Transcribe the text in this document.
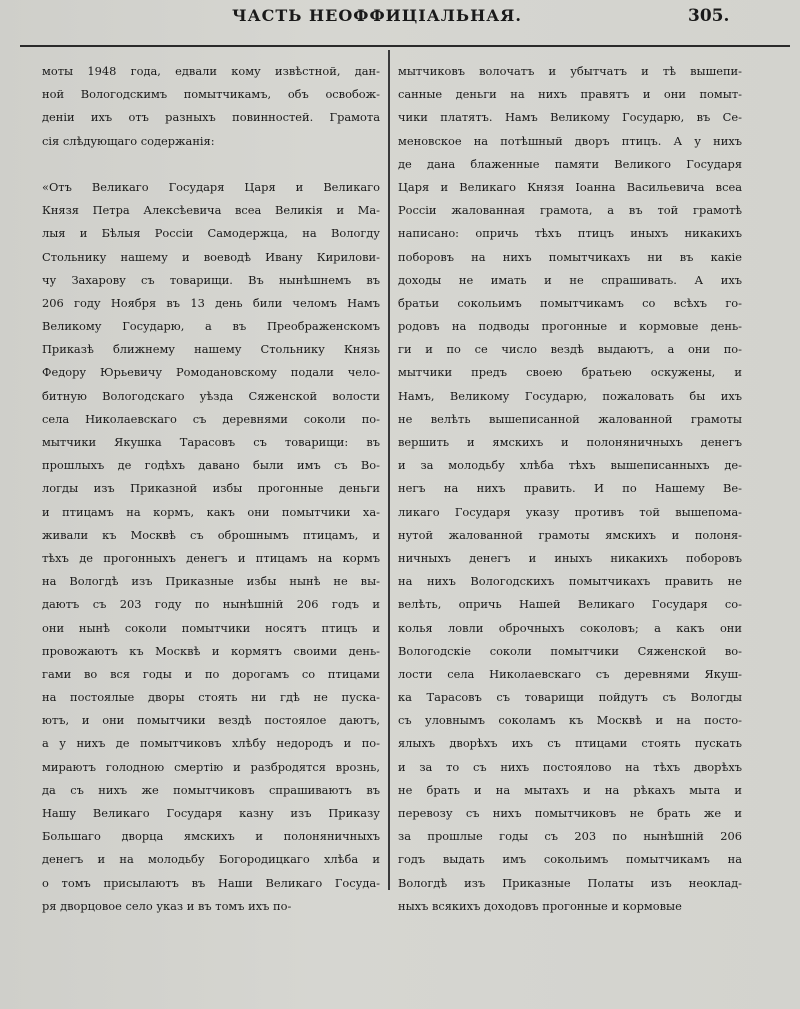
ЧАСТЬ НЕОФФИЦІАЛЬНАЯ.	305.
моты 1948 года, едвали кому извѣстной, дан-
ной Вологодскимъ помытчикамъ, объ освобож-
деніи ихъ отъ разныхъ повинностей. Грамота
сія слѣдующаго содержанія:
«Отъ Великаго Государя Царя и Великаго
Князя Петра Алексѣевича всеа Великія и Ма-
лыя и Бѣлыя Россіи Самодержца, на Вологду
Стольнику нашему и воеводѣ Ивану Кирилови-
чу Захарову съ товарищи. Въ нынѣшнемъ въ
206 году Ноября въ 13 день били челомъ Намъ
Великому Государю, а въ Преображенскомъ
Приказѣ ближнему нашему Стольнику Князь
Федору Юрьевичу Ромодановскому подали чело-
битную Вологодскаго уѣзда Сяженской волости
села Николаевскаго съ деревнями соколи по-
мытчики Якушка Тарасовъ съ товарищи: въ
прошлыхъ де годѣхъ давано были имъ съ Во-
логды изъ Приказной избы прогонные деньги
и птицамъ на кормъ, какъ они помытчики ха-
живали къ Москвѣ съ оброшнымъ птицамъ, и
тѣхъ де прогонныхъ денегъ и птицамъ на кормъ
на Вологдѣ изъ Приказные избы нынѣ не вы-
даютъ съ 203 году по нынѣшній 206 годъ и
они нынѣ соколи помытчики носятъ птицъ и
провожаютъ къ Москвѣ и кормятъ своими день-
гами во вся годы и по дорогамъ со птицами
на постоялые дворы стоять ни гдѣ не пуска-
ютъ, и они помытчики вездѣ постоялое даютъ,
а у нихъ де помытчиковъ хлѣбу недородъ и по-
мираютъ голодною смертію и разбродятся врознь,
да съ нихъ же помытчиковъ спрашиваютъ въ
Нашу Великаго Государя казну изъ Приказу
Большаго дворца ямскихъ и полоняничныхъ
денегъ и на молодьбу Богородицкаго хлѣба и
о томъ присылаютъ въ Наши Великаго Госуда-
ря дворцовое село указ и въ томъ ихъ по-
мытчиковъ волочатъ и убытчатъ и тѣ вышепи-
санные деньги на нихъ правятъ и они помыт-
чики платятъ. Намъ Великому Государю, въ Се-
меновское на потѣшный дворъ птицъ. А у нихъ
де дана блаженные памяти Великого Государя
Царя и Великаго Князя Іоанна Васильевича всеа
Россіи жалованная грамота, а въ той грамотѣ
написано: опричь тѣхъ птицъ иныхъ никакихъ
поборовъ на нихъ помытчикахъ ни въ какіе
доходы не имать и не спрашивать. А ихъ
братьи сокольимъ помытчикамъ со всѣхъ го-
родовъ на подводы прогонные и кормовые день-
ги и по се число вездѣ выдаютъ, а они по-
мытчики предъ своею братьею оскужены, и
Намъ, Великому Государю, пожаловать бы ихъ
не велѣть вышеписанной жалованной грамоты
вершить и ямскихъ и полоняничныхъ денегъ
и за молодьбу хлѣба тѣхъ вышеписанныхъ де-
негъ на нихъ править. И по Нашему Ве-
ликаго Государя указу противъ той вышепома-
нутой жалованной грамоты ямскихъ и полоня-
ничныхъ денегъ и иныхъ никакихъ поборовъ
на нихъ Вологодскихъ помытчикахъ править не
велѣть, опричь Нашей Великаго Государя со-
колья ловли оброчныхъ соколовъ; а какъ они
Вологодскіе соколи помытчики Сяженской во-
лости села Николаевскаго съ деревнями Якуш-
ка Тарасовъ съ товарищи пойдутъ съ Вологды
съ уловнымъ соколамъ къ Москвѣ и на посто-
ялыхъ дворѣхъ ихъ съ птицами стоять пускать
и за то съ нихъ постоялово на тѣхъ дворѣхъ
не брать и на мытахъ и на рѣкахъ мыта и
перевозу съ нихъ помытчиковъ не брать же и
за прошлые годы съ 203 по нынѣшній 206
годъ выдать имъ сокольимъ помытчикамъ на
Вологдѣ изъ Приказные Полаты изъ неоклад-
ныхъ всякихъ доходовъ прогонные и кормовые
